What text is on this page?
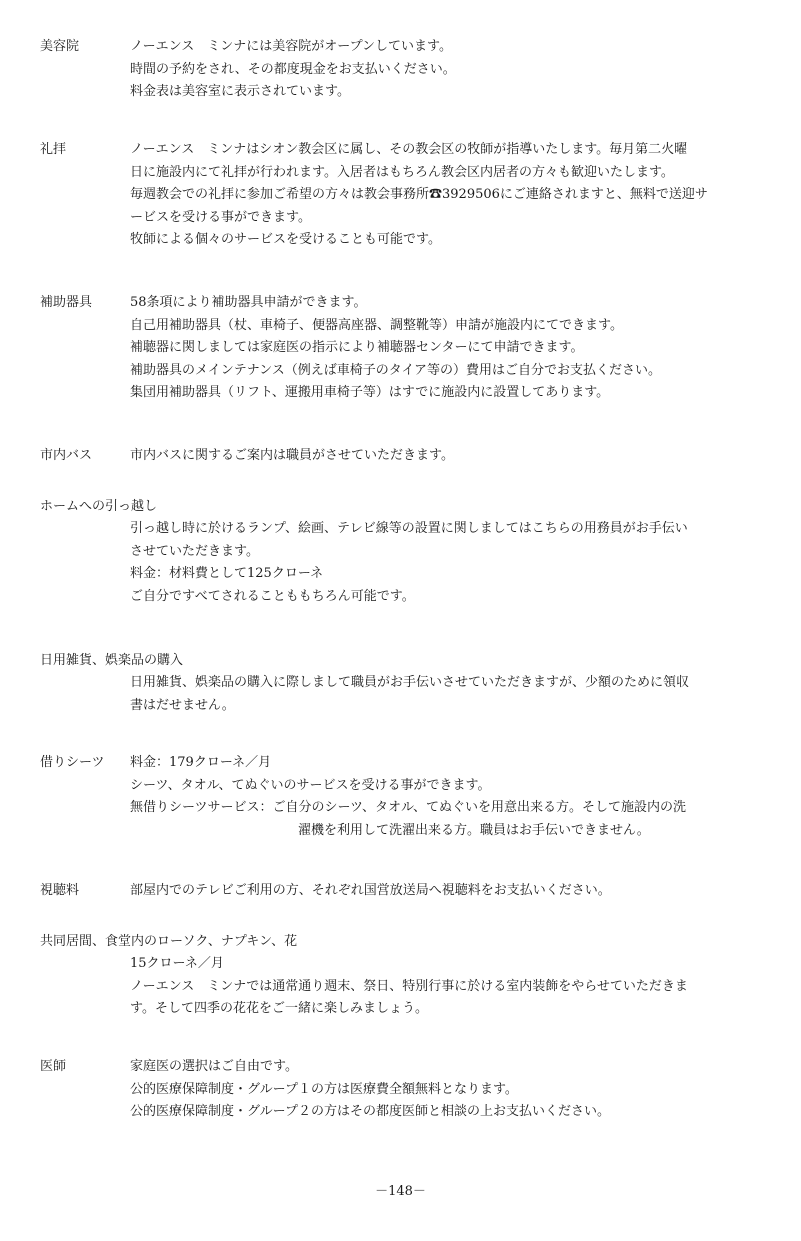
美容院	ノーエンス　ミンナには美容院がオープンしています。
時間の予約をされ、その都度現金をお支払いください。
料金表は美容室に表示されています。
礼拝	ノーエンス　ミンナはシオン教会区に属し、その教会区の牧師が指導いたします。毎月第二火曜
日に施設内にて礼拝が行われます。入居者はもちろん教会区内居者の方々も歓迎いたします。
毎週教会での礼拝に参加ご希望の方々は教会事務所☎3929506にご連絡されますと、無料で送迎サ
ービスを受ける事ができます。
牧師による個々のサービスを受けることも可能です。
補助器具	58条項により補助器具申請ができます。
自己用補助器具（杖、車椅子、便器高座器、調整靴等）申請が施設内にてできます。
補聴器に関しましては家庭医の指示により補聴器センターにて申請できます。
補助器具のメインテナンス（例えば車椅子のタイア等の）費用はご自分でお支払ください。
集団用補助器具（リフト、運搬用車椅子等）はすでに施設内に設置してあります。
市内バス	市内バスに関するご案内は職員がさせていただきます。
ホームへの引っ越し
引っ越し時に於けるランプ、絵画、テレビ線等の設置に関しましてはこちらの用務員がお手伝い
させていただきます。
料金：材料費として125クローネ
ご自分ですべてされることももちろん可能です。
日用雑貨、娯楽品の購入
日用雑貨、娯楽品の購入に際しまして職員がお手伝いさせていただきますが、少額のために領収
書はだせません。
借りシーツ 料金：179クローネ／月
シーツ、タオル、てぬぐいのサービスを受ける事ができます。
無借りシーツサービス：ご自分のシーツ、タオル、てぬぐいを用意出来る方。そして施設内の洗
濯機を利用して洗濯出来る方。職員はお手伝いできません。
視聴料	部屋内でのテレビご利用の方、それぞれ国営放送局へ視聴料をお支払いください。
共同居間、食堂内のローソク、ナプキン、花
15クローネ／月
ノーエンス　ミンナでは通常通り週末、祭日、特別行事に於ける室内装飾をやらせていただきま
す。そして四季の花花をご一緒に楽しみましょう。
医師	家庭医の選択はご自由です。
公的医療保障制度・グループ１の方は医療費全額無料となります。
公的医療保障制度・グループ２の方はその都度医師と相談の上お支払いください。
－148－
